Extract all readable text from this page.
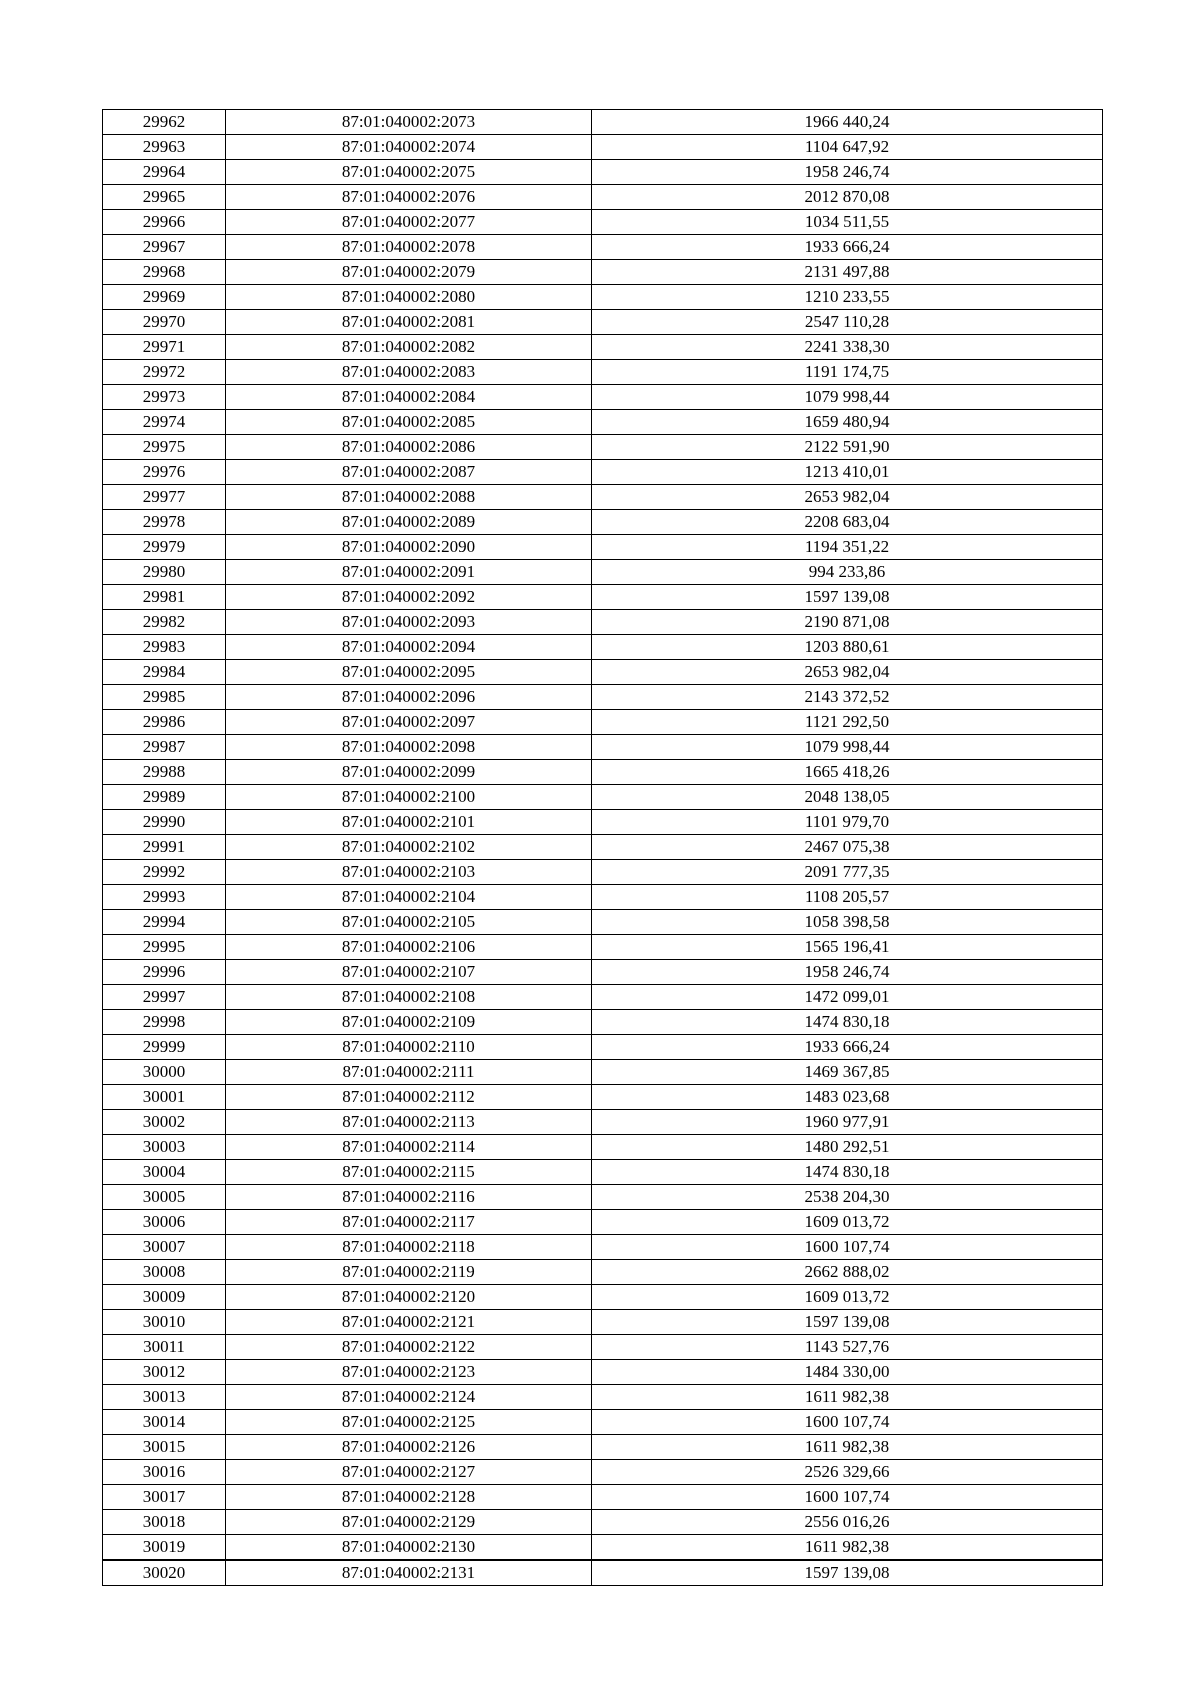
29962	87:01:040002:2073	1966 440,24
29963	87:01:040002:2074	1104 647,92
29964	87:01:040002:2075	1958 246,74
29965	87:01:040002:2076	2012 870,08
29966	87:01:040002:2077	1034 511,55
29967	87:01:040002:2078	1933 666,24
29968	87:01:040002:2079	2131 497,88
29969	87:01:040002:2080	1210 233,55
29970	87:01:040002:2081	2547 110,28
29971	87:01:040002:2082	2241 338,30
29972	87:01:040002:2083	1191 174,75
29973	87:01:040002:2084	1079 998,44
29974	87:01:040002:2085	1659 480,94
29975	87:01:040002:2086	2122 591,90
29976	87:01:040002:2087	1213 410,01
29977	87:01:040002:2088	2653 982,04
29978	87:01:040002:2089	2208 683,04
29979	87:01:040002:2090	1194 351,22
29980	87:01:040002:2091	994 233,86
29981	87:01:040002:2092	1597 139,08
29982	87:01:040002:2093	2190 871,08
29983	87:01:040002:2094	1203 880,61
29984	87:01:040002:2095	2653 982,04
29985	87:01:040002:2096	2143 372,52
29986	87:01:040002:2097	1121 292,50
29987	87:01:040002:2098	1079 998,44
29988	87:01:040002:2099	1665 418,26
29989	87:01:040002:2100	2048 138,05
29990	87:01:040002:2101	1101 979,70
29991	87:01:040002:2102	2467 075,38
29992	87:01:040002:2103	2091 777,35
29993	87:01:040002:2104	1108 205,57
29994	87:01:040002:2105	1058 398,58
29995	87:01:040002:2106	1565 196,41
29996	87:01:040002:2107	1958 246,74
29997	87:01:040002:2108	1472 099,01
29998	87:01:040002:2109	1474 830,18
29999	87:01:040002:2110	1933 666,24
30000	87:01:040002:2111	1469 367,85
30001	87:01:040002:2112	1483 023,68
30002	87:01:040002:2113	1960 977,91
30003	87:01:040002:2114	1480 292,51
30004	87:01:040002:2115	1474 830,18
30005	87:01:040002:2116	2538 204,30
30006	87:01:040002:2117	1609 013,72
30007	87:01:040002:2118	1600 107,74
30008	87:01:040002:2119	2662 888,02
30009	87:01:040002:2120	1609 013,72
30010	87:01:040002:2121	1597 139,08
30011	87:01:040002:2122	1143 527,76
30012	87:01:040002:2123	1484 330,00
30013	87:01:040002:2124	1611 982,38
30014	87:01:040002:2125	1600 107,74
30015	87:01:040002:2126	1611 982,38
30016	87:01:040002:2127	2526 329,66
30017	87:01:040002:2128	1600 107,74
30018	87:01:040002:2129	2556 016,26
30019	87:01:040002:2130	1611 982,38
30020	87:01:040002:2131	1597 139,08
